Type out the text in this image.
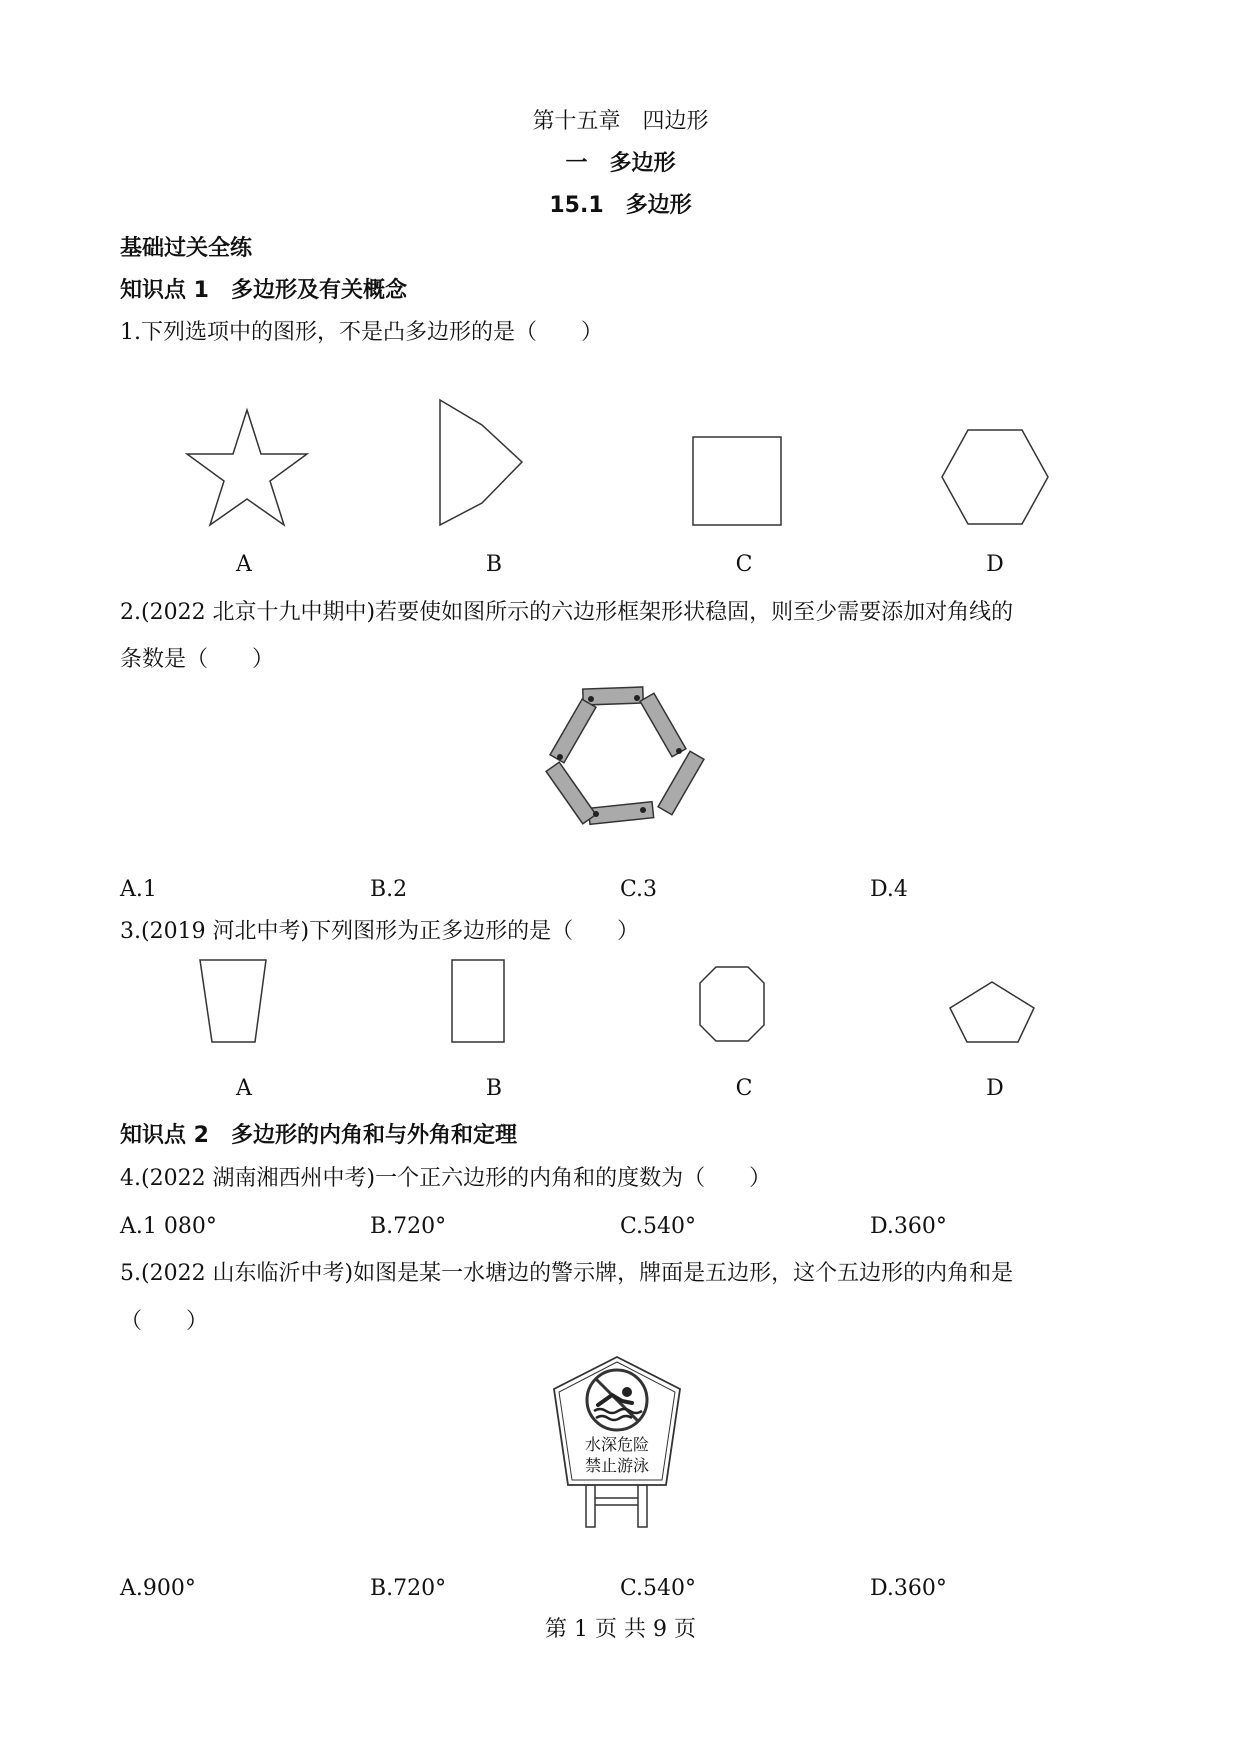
第十五章　四边形
一　多边形
15.1　多边形
基础过关全练
知识点 1　多边形及有关概念
1.下列选项中的图形，不是凸多边形的是（　　）
A	B	C	D
2.(2022 北京十九中期中)若要使如图所示的六边形框架形状稳固，则至少需要添加对角线的
条数是（　　）
A.1	B.2	C.3	D.4
3.(2019 河北中考)下列图形为正多边形的是（　　）
A	B	C	D
知识点 2　多边形的内角和与外角和定理
4.(2022 湖南湘西州中考)一个正六边形的内角和的度数为（　　）
A.1 080°	B.720°	C.540°	D.360°
5.(2022 山东临沂中考)如图是某一水塘边的警示牌，牌面是五边形，这个五边形的内角和是
（　　）
水深危险
禁止游泳
A.900°	B.720°	C.540°	D.360°
第 1 页 共 9 页
